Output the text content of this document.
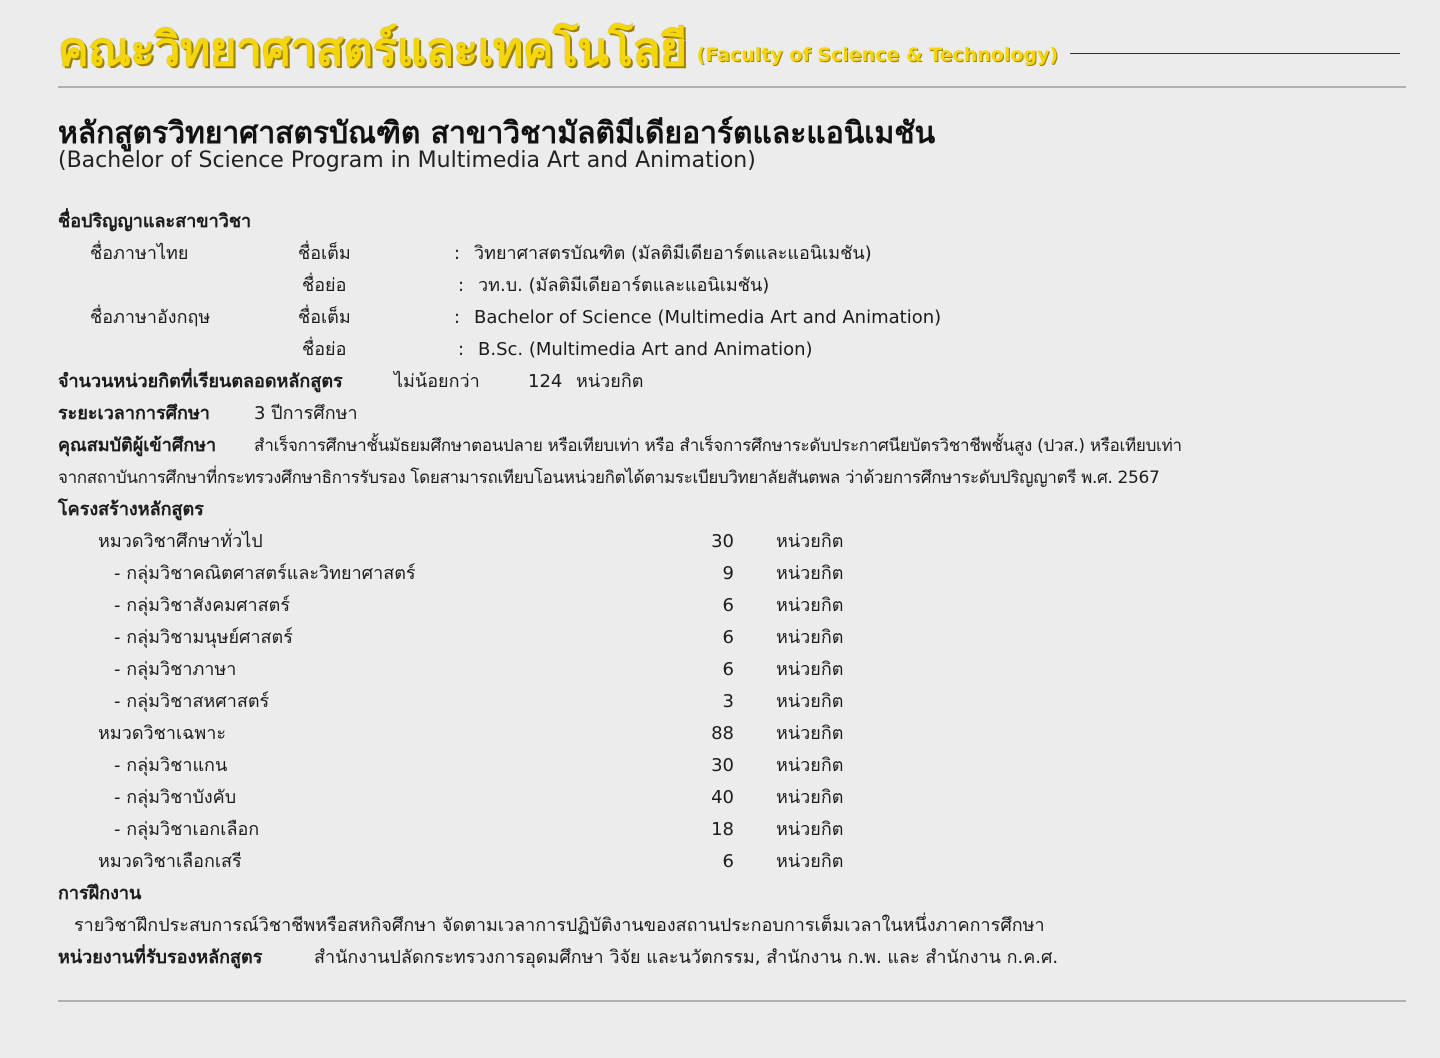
คณะวิทยาศาสตร์และเทคโนโลยี (Faculty of Science & Technology)
หลักสูตรวิทยาศาสตรบัณฑิต สาขาวิชามัลติมีเดียอาร์ตและแอนิเมชัน
(Bachelor of Science Program in Multimedia Art and Animation)
ชื่อปริญญาและสาขาวิชา
ชื่อภาษาไทย	ชื่อเต็ม	: วิทยาศาสตรบัณฑิต (มัลติมีเดียอาร์ตและแอนิเมชัน)
ชื่อย่อ	: วท.บ. (มัลติมีเดียอาร์ตและแอนิเมชัน)
ชื่อภาษาอังกฤษ	ชื่อเต็ม	: Bachelor of Science (Multimedia Art and Animation)
ชื่อย่อ	: B.Sc. (Multimedia Art and Animation)
จำนวนหน่วยกิตที่เรียนตลอดหลักสูตร	ไม่น้อยกว่า	124 หน่วยกิต
ระยะเวลาการศึกษา 3 ปีการศึกษา
คุณสมบัติผู้เข้าศึกษา สำเร็จการศึกษาชั้นมัธยมศึกษาตอนปลาย หรือเทียบเท่า หรือ สำเร็จการศึกษาระดับประกาศนียบัตรวิชาชีพชั้นสูง (ปวส.) หรือเทียบเท่า
จากสถาบันการศึกษาที่กระทรวงศึกษาธิการรับรอง โดยสามารถเทียบโอนหน่วยกิตได้ตามระเบียบวิทยาลัยสันตพล ว่าด้วยการศึกษาระดับปริญญาตรี พ.ศ. 2567
โครงสร้างหลักสูตร
หมวดวิชาศึกษาทั่วไป	30 หน่วยกิต
- กลุ่มวิชาคณิตศาสตร์และวิทยาศาสตร์	9 หน่วยกิต
- กลุ่มวิชาสังคมศาสตร์	6 หน่วยกิต
- กลุ่มวิชามนุษย์ศาสตร์	6 หน่วยกิต
- กลุ่มวิชาภาษา	6 หน่วยกิต
- กลุ่มวิชาสหศาสตร์	3 หน่วยกิต
หมวดวิชาเฉพาะ	88 หน่วยกิต
- กลุ่มวิชาแกน	30 หน่วยกิต
- กลุ่มวิชาบังคับ	40 หน่วยกิต
- กลุ่มวิชาเอกเลือก	18 หน่วยกิต
หมวดวิชาเลือกเสรี	6 หน่วยกิต
การฝึกงาน
รายวิชาฝึกประสบการณ์วิชาชีพหรือสหกิจศึกษา จัดตามเวลาการปฏิบัติงานของสถานประกอบการเต็มเวลาในหนึ่งภาคการศึกษา
หน่วยงานที่รับรองหลักสูตร	สำนักงานปลัดกระทรวงการอุดมศึกษา วิจัย และนวัตกรรม, สำนักงาน ก.พ. และ สำนักงาน ก.ค.ศ.
